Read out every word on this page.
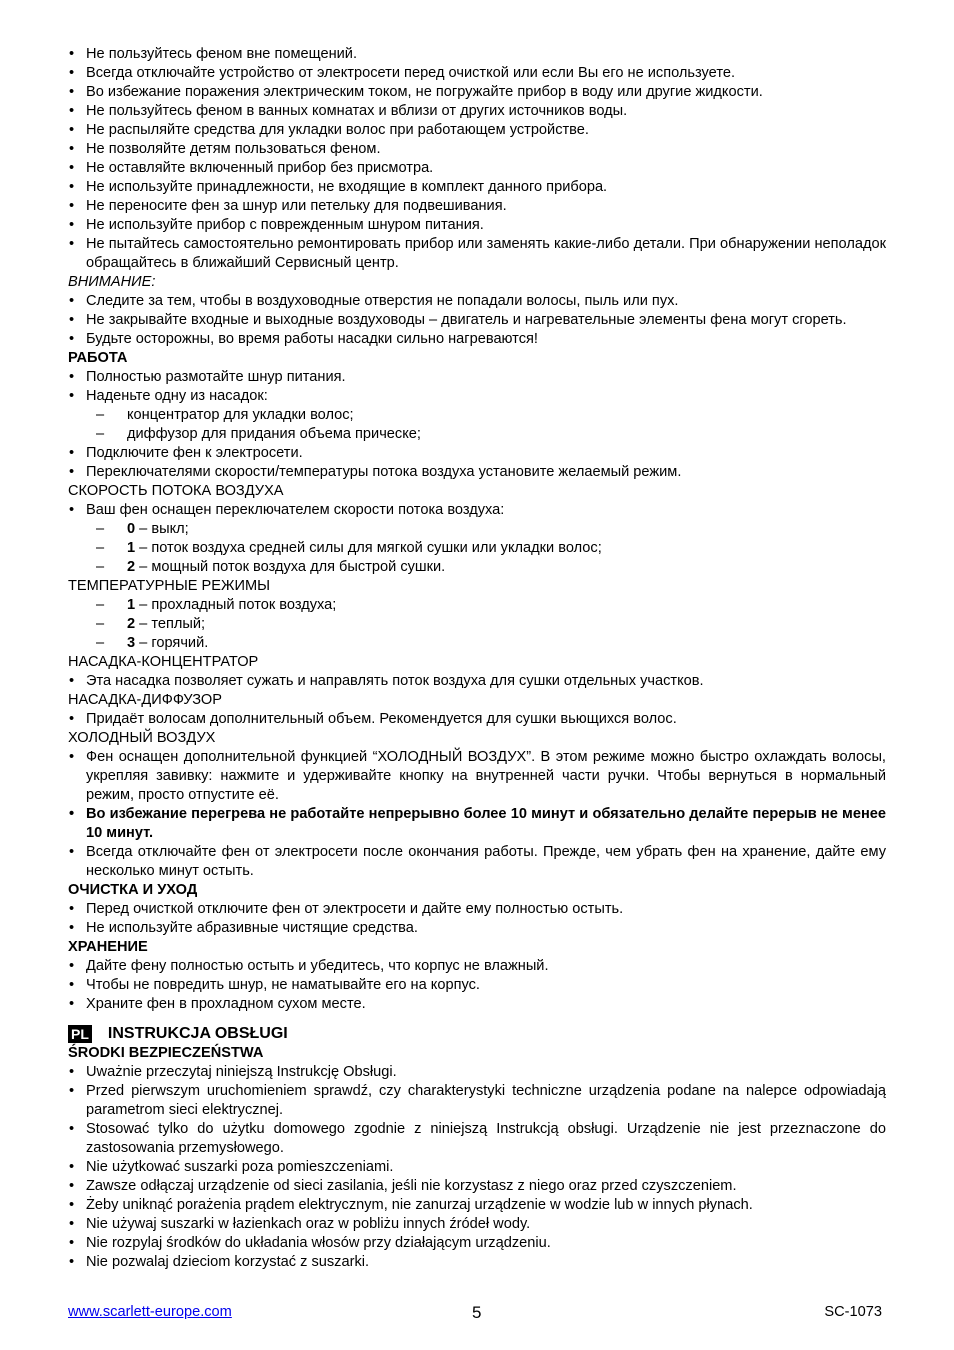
• Не пользуйтесь феном вне помещений.
• Всегда отключайте устройство от электросети перед очисткой или если Вы его не используете.
• Во избежание поражения электрическим током, не погружайте прибор в воду или другие жидкости.
• Не пользуйтесь феном в ванных комнатах и вблизи от других источников воды.
• Не распыляйте средства для укладки волос при работающем устройстве.
• Не позволяйте детям пользоваться феном.
• Не оставляйте включенный прибор без присмотра.
• Не используйте принадлежности, не входящие в комплект данного прибора.
• Не переносите фен за шнур или петельку для подвешивания.
• Не используйте прибор с поврежденным шнуром питания.
• Не пытайтесь самостоятельно ремонтировать прибор или заменять какие-либо детали. При обнаружении неполадок обращайтесь в ближайший Сервисный центр.
ВНИМАНИЕ:
• Следите за тем, чтобы в воздуховодные отверстия не попадали волосы, пыль или пух.
• Не закрывайте входные и выходные воздуховоды – двигатель и нагревательные элементы фена могут сгореть.
• Будьте осторожны, во время работы насадки сильно нагреваются!
РАБОТА
• Полностью размотайте шнур питания.
• Наденьте одну из насадок:
– концентратор для укладки волос;
– диффузор для придания объема прическе;
• Подключите фен к электросети.
• Переключателями скорости/температуры потока воздуха установите желаемый режим.
СКОРОСТЬ ПОТОКА ВОЗДУХА
• Ваш фен оснащен переключателем скорости потока воздуха:
– 0 – выкл;
– 1 – поток воздуха средней силы для мягкой сушки или укладки волос;
– 2 – мощный поток воздуха для быстрой сушки.
ТЕМПЕРАТУРНЫЕ РЕЖИМЫ
– 1 – прохладный поток воздуха;
– 2 – теплый;
– 3 – горячий.
НАСАДКА-КОНЦЕНТРАТОР
• Эта насадка позволяет сужать и направлять поток воздуха для сушки отдельных участков.
НАСАДКА-ДИФФУЗОР
• Придаёт волосам дополнительный объем. Рекомендуется для сушки вьющихся волос.
ХОЛОДНЫЙ ВОЗДУХ
• Фен оснащен дополнительной функцией “ХОЛОДНЫЙ ВОЗДУХ”. В этом режиме можно быстро охлаждать волосы, укрепляя завивку: нажмите и удерживайте кнопку на внутренней части ручки. Чтобы вернуться в нормальный режим, просто отпустите её.
• Во избежание перегрева не работайте непрерывно более 10 минут и обязательно делайте перерыв не менее 10 минут.
• Всегда отключайте фен от электросети после окончания работы. Прежде, чем убрать фен на хранение, дайте ему несколько минут остыть.
ОЧИСТКА И УХОД
• Перед очисткой отключите фен от электросети и дайте ему полностью остыть.
• Не используйте абразивные чистящие средства.
ХРАНЕНИЕ
• Дайте фену полностью остыть и убедитесь, что корпус не влажный.
• Чтобы не повредить шнур, не наматывайте его на корпус.
• Храните фен в прохладном сухом месте.
PL INSTRUKCJA OBSŁUGI
ŚRODKI BEZPIECZEŃSTWA
• Uważnie przeczytaj niniejszą Instrukcję Obsługi.
• Przed pierwszym uruchomieniem sprawdź, czy charakterystyki techniczne urządzenia podane na nalepce odpowiadają parametrom sieci elektrycznej.
• Stosować tylko do użytku domowego zgodnie z niniejszą Instrukcją obsługi. Urządzenie nie jest przeznaczone do zastosowania przemysłowego.
• Nie użytkować suszarki poza pomieszczeniami.
• Zawsze odłączaj urządzenie od sieci zasilania, jeśli nie korzystasz z niego oraz przed czyszczeniem.
• Żeby uniknąć porażenia prądem elektrycznym, nie zanurzaj urządzenie w wodzie lub w innych płynach.
• Nie używaj suszarki w łazienkach oraz w pobliżu innych źródeł wody.
• Nie rozpylaj środków do układania włosów przy działającym urządzeniu.
• Nie pozwalaj dzieciom korzystać z suszarki.
www.scarlett-europe.com	5	SC-1073
